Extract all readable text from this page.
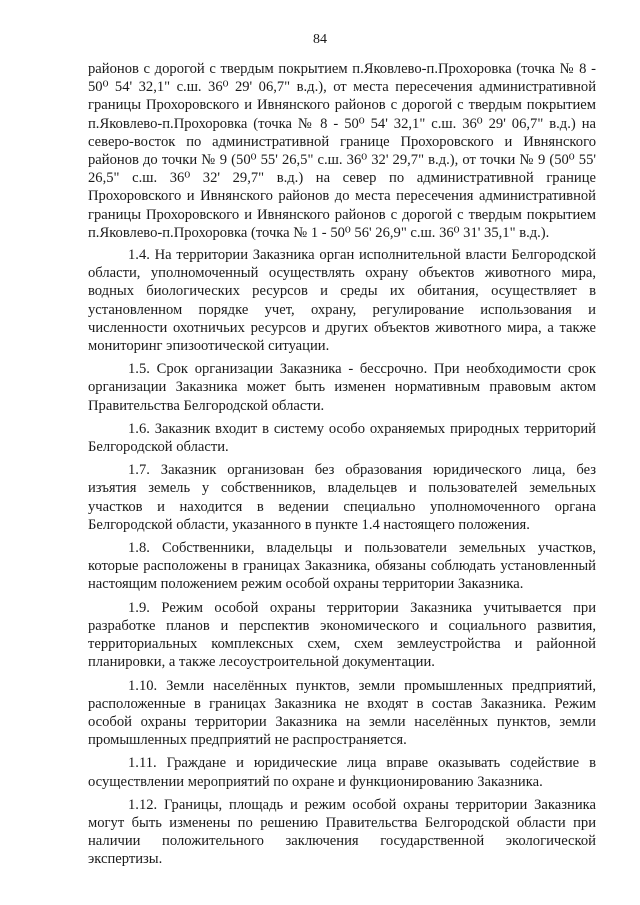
84

районов с дорогой с твердым покрытием п.Яковлево-п.Прохоровка (точка № 8 - 50⁰ 54' 32,1" с.ш. 36⁰ 29' 06,7" в.д.), от места пересечения административной границы Прохоровского и Ивнянского районов с дорогой с твердым покрытием п.Яковлево-п.Прохоровка (точка № 8 - 50⁰ 54' 32,1" с.ш. 36⁰ 29' 06,7" в.д.) на северо-восток по административной границе Прохоровского и Ивнянского районов до точки № 9 (50⁰ 55' 26,5" с.ш. 36⁰ 32' 29,7" в.д.), от точки № 9 (50⁰ 55' 26,5" с.ш. 36⁰ 32' 29,7" в.д.) на север по административной границе Прохоровского и Ивнянского районов до места пересечения административной границы Прохоровского и Ивнянского районов с дорогой с твердым покрытием п.Яковлево-п.Прохоровка (точка № 1 - 50⁰ 56' 26,9" с.ш. 36⁰ 31' 35,1" в.д.).

1.4. На территории Заказника орган исполнительной власти Белгородской области, уполномоченный осуществлять охрану объектов животного мира, водных биологических ресурсов и среды их обитания, осуществляет в установленном порядке учет, охрану, регулирование использования и численности охотничьих ресурсов и других объектов животного мира, а также мониторинг эпизоотической ситуации.

1.5. Срок организации Заказника - бессрочно. При необходимости срок организации Заказника может быть изменен нормативным правовым актом Правительства Белгородской области.

1.6. Заказник входит в систему особо охраняемых природных территорий Белгородской области.

1.7. Заказник организован без образования юридического лица, без изъятия земель у собственников, владельцев и пользователей земельных участков и находится в ведении специально уполномоченного органа Белгородской области, указанного в пункте 1.4 настоящего положения.

1.8. Собственники, владельцы и пользователи земельных участков, которые расположены в границах Заказника, обязаны соблюдать установленный настоящим положением режим особой охраны территории Заказника.

1.9. Режим особой охраны территории Заказника учитывается при разработке планов и перспектив экономического и социального развития, территориальных комплексных схем, схем землеустройства и районной планировки, а также лесоустроительной документации.

1.10. Земли населённых пунктов, земли промышленных предприятий, расположенные в границах Заказника не входят в состав Заказника. Режим особой охраны территории Заказника на земли населённых пунктов, земли промышленных предприятий не распространяется.

1.11. Граждане и юридические лица вправе оказывать содействие в осуществлении мероприятий по охране и функционированию Заказника.

1.12. Границы, площадь и режим особой охраны территории Заказника могут быть изменены по решению Правительства Белгородской области при наличии положительного заключения государственной экологической экспертизы.
